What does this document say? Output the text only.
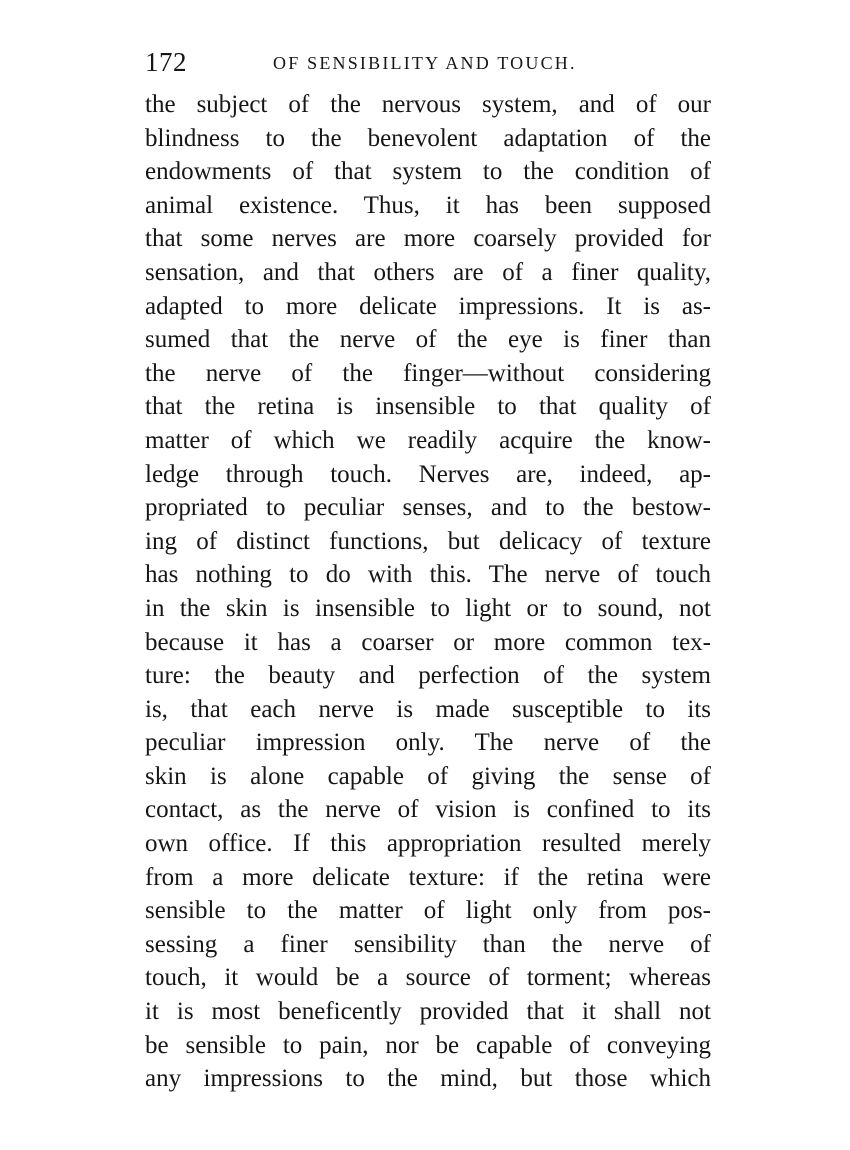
172	OF SENSIBILITY AND TOUCH.
the subject of the nervous system, and of our
blindness to the benevolent adaptation of the
endowments of that system to the condition of
animal existence. Thus, it has been supposed
that some nerves are more coarsely provided for
sensation, and that others are of a finer quality,
adapted to more delicate impressions. It is as-
sumed that the nerve of the eye is finer than
the nerve of the finger—without considering
that the retina is insensible to that quality of
matter of which we readily acquire the know-
ledge through touch. Nerves are, indeed, ap-
propriated to peculiar senses, and to the bestow-
ing of distinct functions, but delicacy of texture
has nothing to do with this. The nerve of touch
in the skin is insensible to light or to sound, not
because it has a coarser or more common tex-
ture: the beauty and perfection of the system
is, that each nerve is made susceptible to its
peculiar impression only. The nerve of the
skin is alone capable of giving the sense of
contact, as the nerve of vision is confined to its
own office. If this appropriation resulted merely
from a more delicate texture: if the retina were
sensible to the matter of light only from pos-
sessing a finer sensibility than the nerve of
touch, it would be a source of torment; whereas
it is most beneficently provided that it shall not
be sensible to pain, nor be capable of conveying
any impressions to the mind, but those which
